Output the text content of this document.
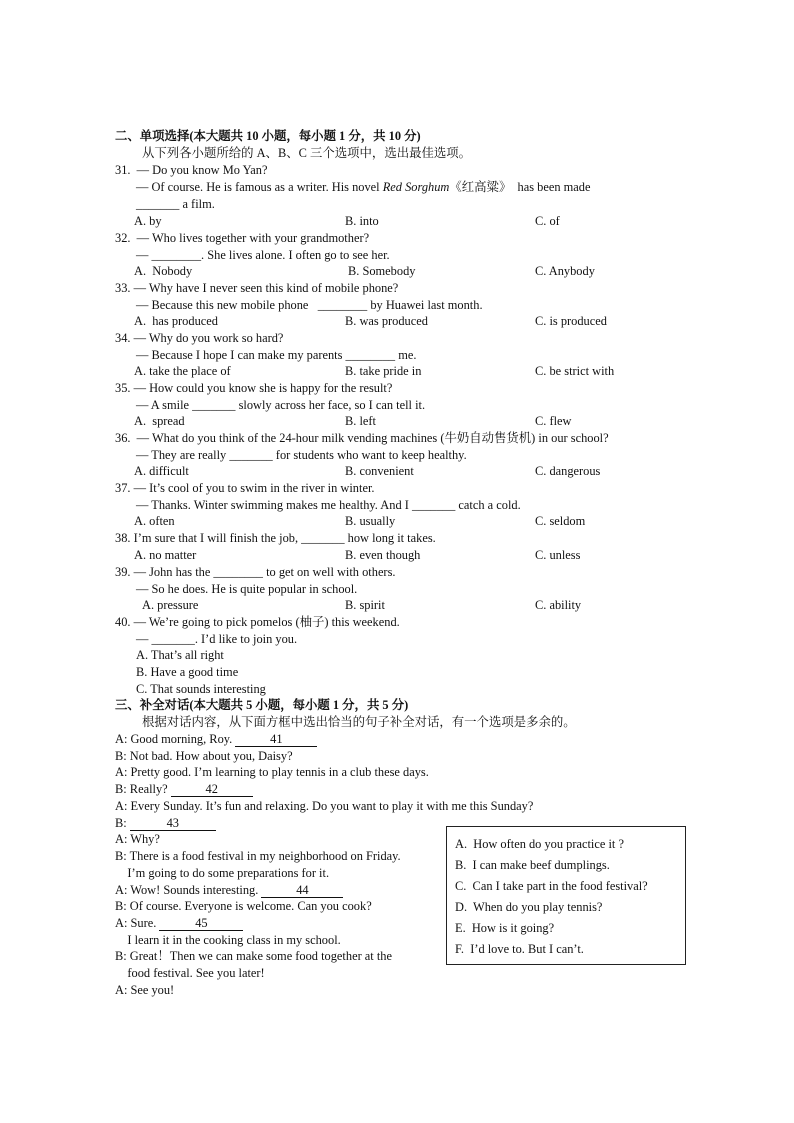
二、单项选择(本大题共 10 小题，每小题 1 分，共 10 分)
从下列各小题所给的 A、B、C 三个选项中，选出最佳选项。
31.  — Do you know Mo Yan?
— Of course. He is famous as a writer. His novel Red Sorghum《红高粱》  has been made
_______ a film.
A. by	B. into	C. of
32.  — Who lives together with your grandmother?
— ________. She lives alone. I often go to see her.
A.  Nobody	B. Somebody	C. Anybody
33. — Why have I never seen this kind of mobile phone?
— Because this new mobile phone   ________ by Huawei last month.
A.  has produced	B. was produced	C. is produced
34. — Why do you work so hard?
— Because I hope I can make my parents ________ me.
A. take the place of	B. take pride in	C. be strict with
35. — How could you know she is happy for the result?
— A smile _______ slowly across her face, so I can tell it.
A.  spread	B. left	C. flew
36.  — What do you think of the 24-hour milk vending machines (牛奶自动售货机) in our school?
— They are really _______ for students who want to keep healthy.
A. difficult	B. convenient	C. dangerous
37. — It’s cool of you to swim in the river in winter.
— Thanks. Winter swimming makes me healthy. And I _______ catch a cold.
A. often	B. usually	C. seldom
38. I’m sure that I will finish the job, _______ how long it takes.
A. no matter	B. even though	C. unless
39. — John has the ________ to get on well with others.
— So he does. He is quite popular in school.
A. pressure	B. spirit	C. ability
40. — We’re going to pick pomelos (柚子) this weekend.
— _______. I’d like to join you.
A. That’s all right
B. Have a good time
C. That sounds interesting
三、补全对话(本大题共 5 小题，每小题 1 分，共 5 分)
根据对话内容，从下面方框中选出恰当的句子补全对话，有一个选项是多余的。
A: Good morning, Roy.	41
B: Not bad. How about you, Daisy?
A: Pretty good. I’m learning to play tennis in a club these days.
B: Really?	42
A: Every Sunday. It’s fun and relaxing. Do you want to play it with me this Sunday?
B:	43
A: Why?
B: There is a food festival in my neighborhood on Friday.
I’m going to do some preparations for it.
A: Wow! Sounds interesting.	44
B: Of course. Everyone is welcome. Can you cook?
A: Sure.	45
I learn it in the cooking class in my school.
B: Great！Then we can make some food together at the
food festival. See you later!
A: See you!
A.  How often do you practice it ?
B.  I can make beef dumplings.
C.  Can I take part in the food festival?
D.  When do you play tennis?
E.  How is it going?
F.  I’d love to. But I can’t.
